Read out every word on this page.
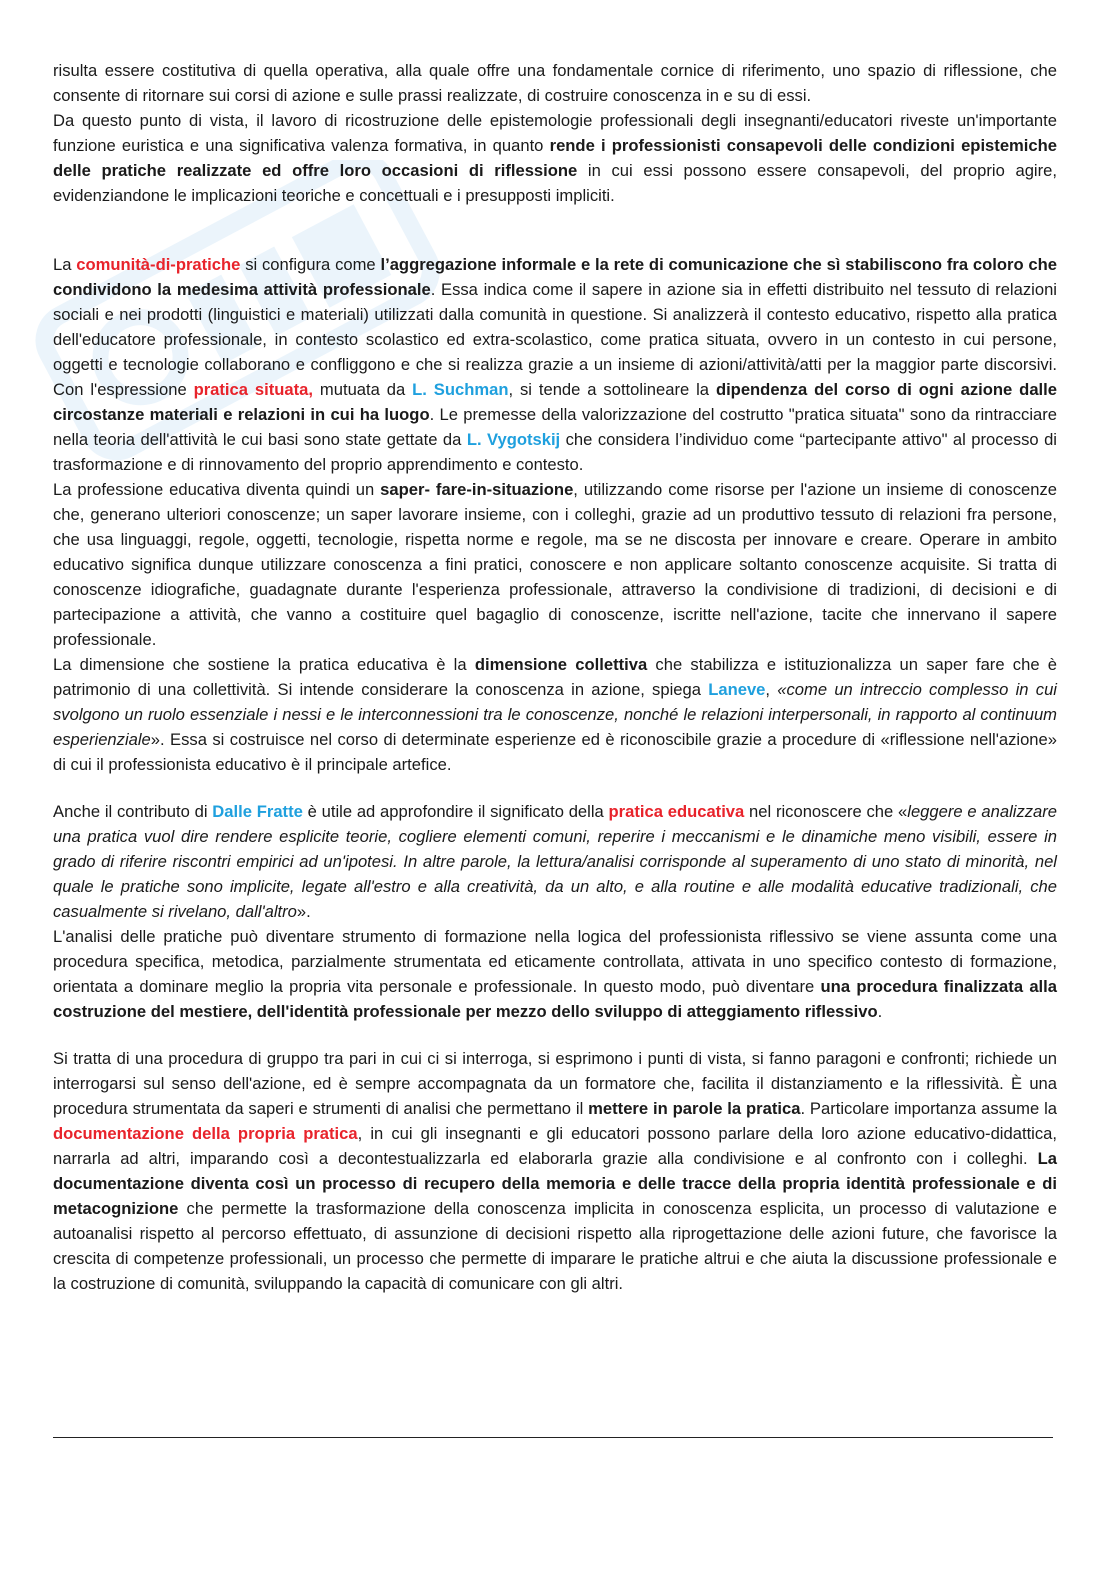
risulta essere costitutiva di quella operativa, alla quale offre una fondamentale cornice di riferimento, uno spazio di riflessione, che consente di ritornare sui corsi di azione e sulle prassi realizzate, di costruire conoscenza in e su di essi.
Da questo punto di vista, il lavoro di ricostruzione delle epistemologie professionali degli insegnanti/educatori riveste un'importante funzione euristica e una significativa valenza formativa, in quanto rende i professionisti consapevoli delle condizioni epistemiche delle pratiche realizzate ed offre loro occasioni di riflessione in cui essi possono essere consapevoli, del proprio agire, evidenziandone le implicazioni teoriche e concettuali e i presupposti impliciti.

La comunità-di-pratiche si configura come l’aggregazione informale e la rete di comunicazione che sì stabiliscono fra coloro che condividono la medesima attività professionale. Essa indica come il sapere in azione sia in effetti distribuito nel tessuto di relazioni sociali e nei prodotti (linguistici e materiali) utilizzati dalla comunità in questione. Si analizzerà il contesto educativo, rispetto alla pratica dell'educatore professionale, in contesto scolastico ed extra-scolastico, come pratica situata, ovvero in un contesto in cui persone, oggetti e tecnologie collaborano e confliggono e che si realizza grazie a un insieme di azioni/attività/atti per la maggior parte discorsivi. Con l'espressione pratica situata, mutuata da L. Suchman, si tende a sottolineare la dipendenza del corso di ogni azione dalle circostanze materiali e relazioni in cui ha luogo. Le premesse della valorizzazione del costrutto "pratica situata" sono da rintracciare nella teoria dell'attività le cui basi sono state gettate da L. Vygotskij che considera l’individuo come “partecipante attivo" al processo di trasformazione e di rinnovamento del proprio apprendimento e contesto.

La professione educativa diventa quindi un saper- fare-in-situazione, utilizzando come risorse per l'azione un insieme di conoscenze che, generano ulteriori conoscenze; un saper lavorare insieme, con i colleghi, grazie ad un produttivo tessuto di relazioni fra persone, che usa linguaggi, regole, oggetti, tecnologie, rispetta norme e regole, ma se ne discosta per innovare e creare. Operare in ambito educativo significa dunque utilizzare conoscenza a fini pratici, conoscere e non applicare soltanto conoscenze acquisite. Si tratta di conoscenze idiografiche, guadagnate durante l'esperienza professionale, attraverso la condivisione di tradizioni, di decisioni e di partecipazione a attività, che vanno a costituire quel bagaglio di conoscenze, iscritte nell'azione, tacite che innervano il sapere professionale.

La dimensione che sostiene la pratica educativa è la dimensione collettiva che stabilizza e istituzionalizza un saper fare che è patrimonio di una collettività. Si intende considerare la conoscenza in azione, spiega Laneve, «come un intreccio complesso in cui svolgono un ruolo essenziale i nessi e le interconnessioni tra le conoscenze, nonché le relazioni interpersonali, in rapporto al continuum esperienziale». Essa si costruisce nel corso di determinate esperienze ed è riconoscibile grazie a procedure di «riflessione nell'azione» di cui il professionista educativo è il principale artefice.

Anche il contributo di Dalle Fratte è utile ad approfondire il significato della pratica educativa nel riconoscere che «leggere e analizzare una pratica vuol dire rendere esplicite teorie, cogliere elementi comuni, reperire i meccanismi e le dinamiche meno visibili, essere in grado di riferire riscontri empirici ad un'ipotesi. In altre parole, la lettura/analisi corrisponde al superamento di uno stato di minorità, nel quale le pratiche sono implicite, legate all'estro e alla creatività, da un alto, e alla routine e alle modalità educative tradizionali, che casualmente si rivelano, dall'altro».

L'analisi delle pratiche può diventare strumento di formazione nella logica del professionista riflessivo se viene assunta come una procedura specifica, metodica, parzialmente strumentata ed eticamente controllata, attivata in uno specifico contesto di formazione, orientata a dominare meglio la propria vita personale e professionale. In questo modo, può diventare una procedura finalizzata alla costruzione del mestiere, dell'identità professionale per mezzo dello sviluppo di atteggiamento riflessivo.

Si tratta di una procedura di gruppo tra pari in cui ci si interroga, si esprimono i punti di vista, si fanno paragoni e confronti; richiede un interrogarsi sul senso dell'azione, ed è sempre accompagnata da un formatore che, facilita il distanziamento e la riflessività. È una procedura strumentata da saperi e strumenti di analisi che permettano il mettere in parole la pratica. Particolare importanza assume la documentazione della propria pratica, in cui gli insegnanti e gli educatori possono parlare della loro azione educativo-didattica, narrarla ad altri, imparando così a decontestualizzarla ed elaborarla grazie alla condivisione e al confronto con i colleghi. La documentazione diventa così un processo di recupero della memoria e delle tracce della propria identità professionale e di metacognizione che permette la trasformazione della conoscenza implicita in conoscenza esplicita, un processo di valutazione e autoanalisi rispetto al percorso effettuato, di assunzione di decisioni rispetto alla riprogettazione delle azioni future, che favorisce la crescita di competenze professionali, un processo che permette di imparare le pratiche altrui e che aiuta la discussione professionale e la costruzione di comunità, sviluppando la capacità di comunicare con gli altri.
